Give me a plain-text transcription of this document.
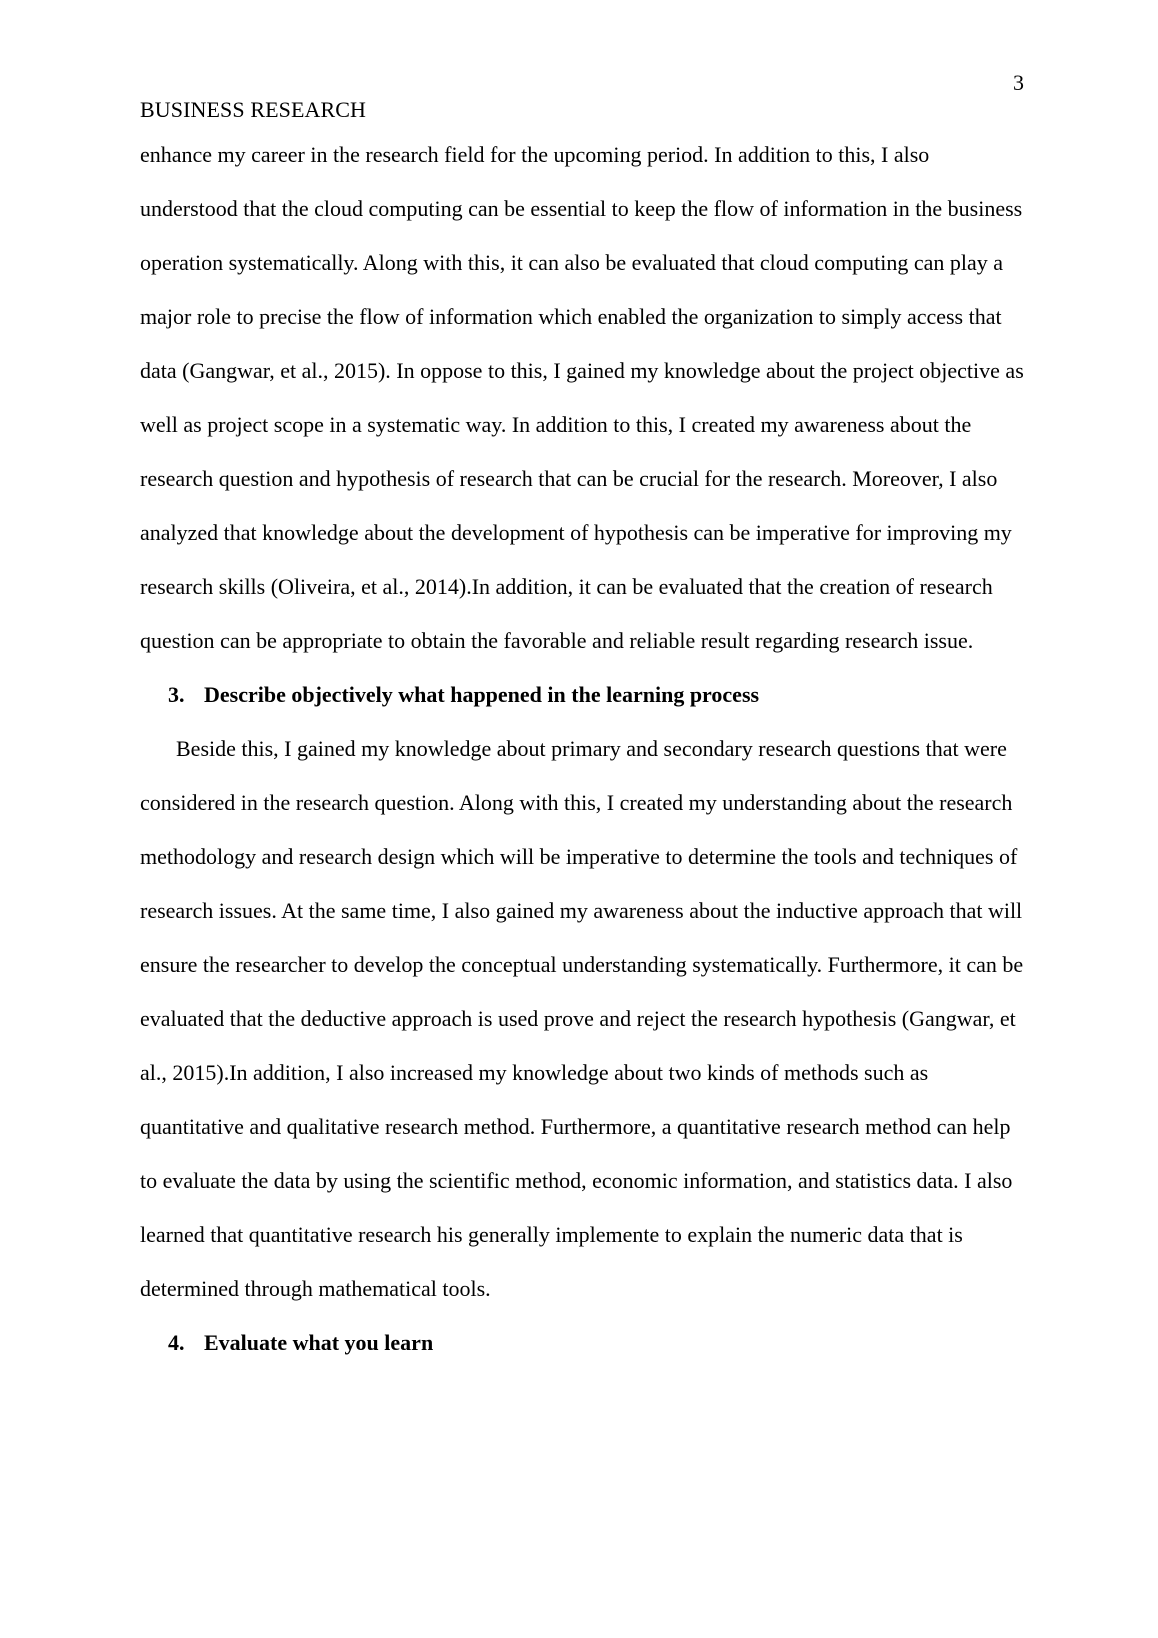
3
BUSINESS RESEARCH

enhance my career in the research field for the upcoming period. In addition to this, I also understood that the cloud computing can be essential to keep the flow of information in the business operation systematically. Along with this, it can also be evaluated that cloud computing can play a major role to precise the flow of information which enabled the organization to simply access that data (Gangwar, et al., 2015). In oppose to this, I gained my knowledge about the project objective as well as project scope in a systematic way. In addition to this, I created my awareness about the research question and hypothesis of research that can be crucial for the research. Moreover, I also analyzed that knowledge about the development of hypothesis can be imperative for improving my research skills (Oliveira, et al., 2014).In addition, it can be evaluated that the creation of research question can be appropriate to obtain the favorable and reliable result regarding research issue.

3. Describe objectively what happened in the learning process

Beside this, I gained my knowledge about primary and secondary research questions that were considered in the research question. Along with this, I created my understanding about the research methodology and research design which will be imperative to determine the tools and techniques of research issues. At the same time, I also gained my awareness about the inductive approach that will ensure the researcher to develop the conceptual understanding systematically. Furthermore, it can be evaluated that the deductive approach is used prove and reject the research hypothesis (Gangwar, et al., 2015).In addition, I also increased my knowledge about two kinds of methods such as quantitative and qualitative research method. Furthermore, a quantitative research method can help to evaluate the data by using the scientific method, economic information, and statistics data. I also learned that quantitative research his generally implemente to explain the numeric data that is determined through mathematical tools.

4. Evaluate what you learn
